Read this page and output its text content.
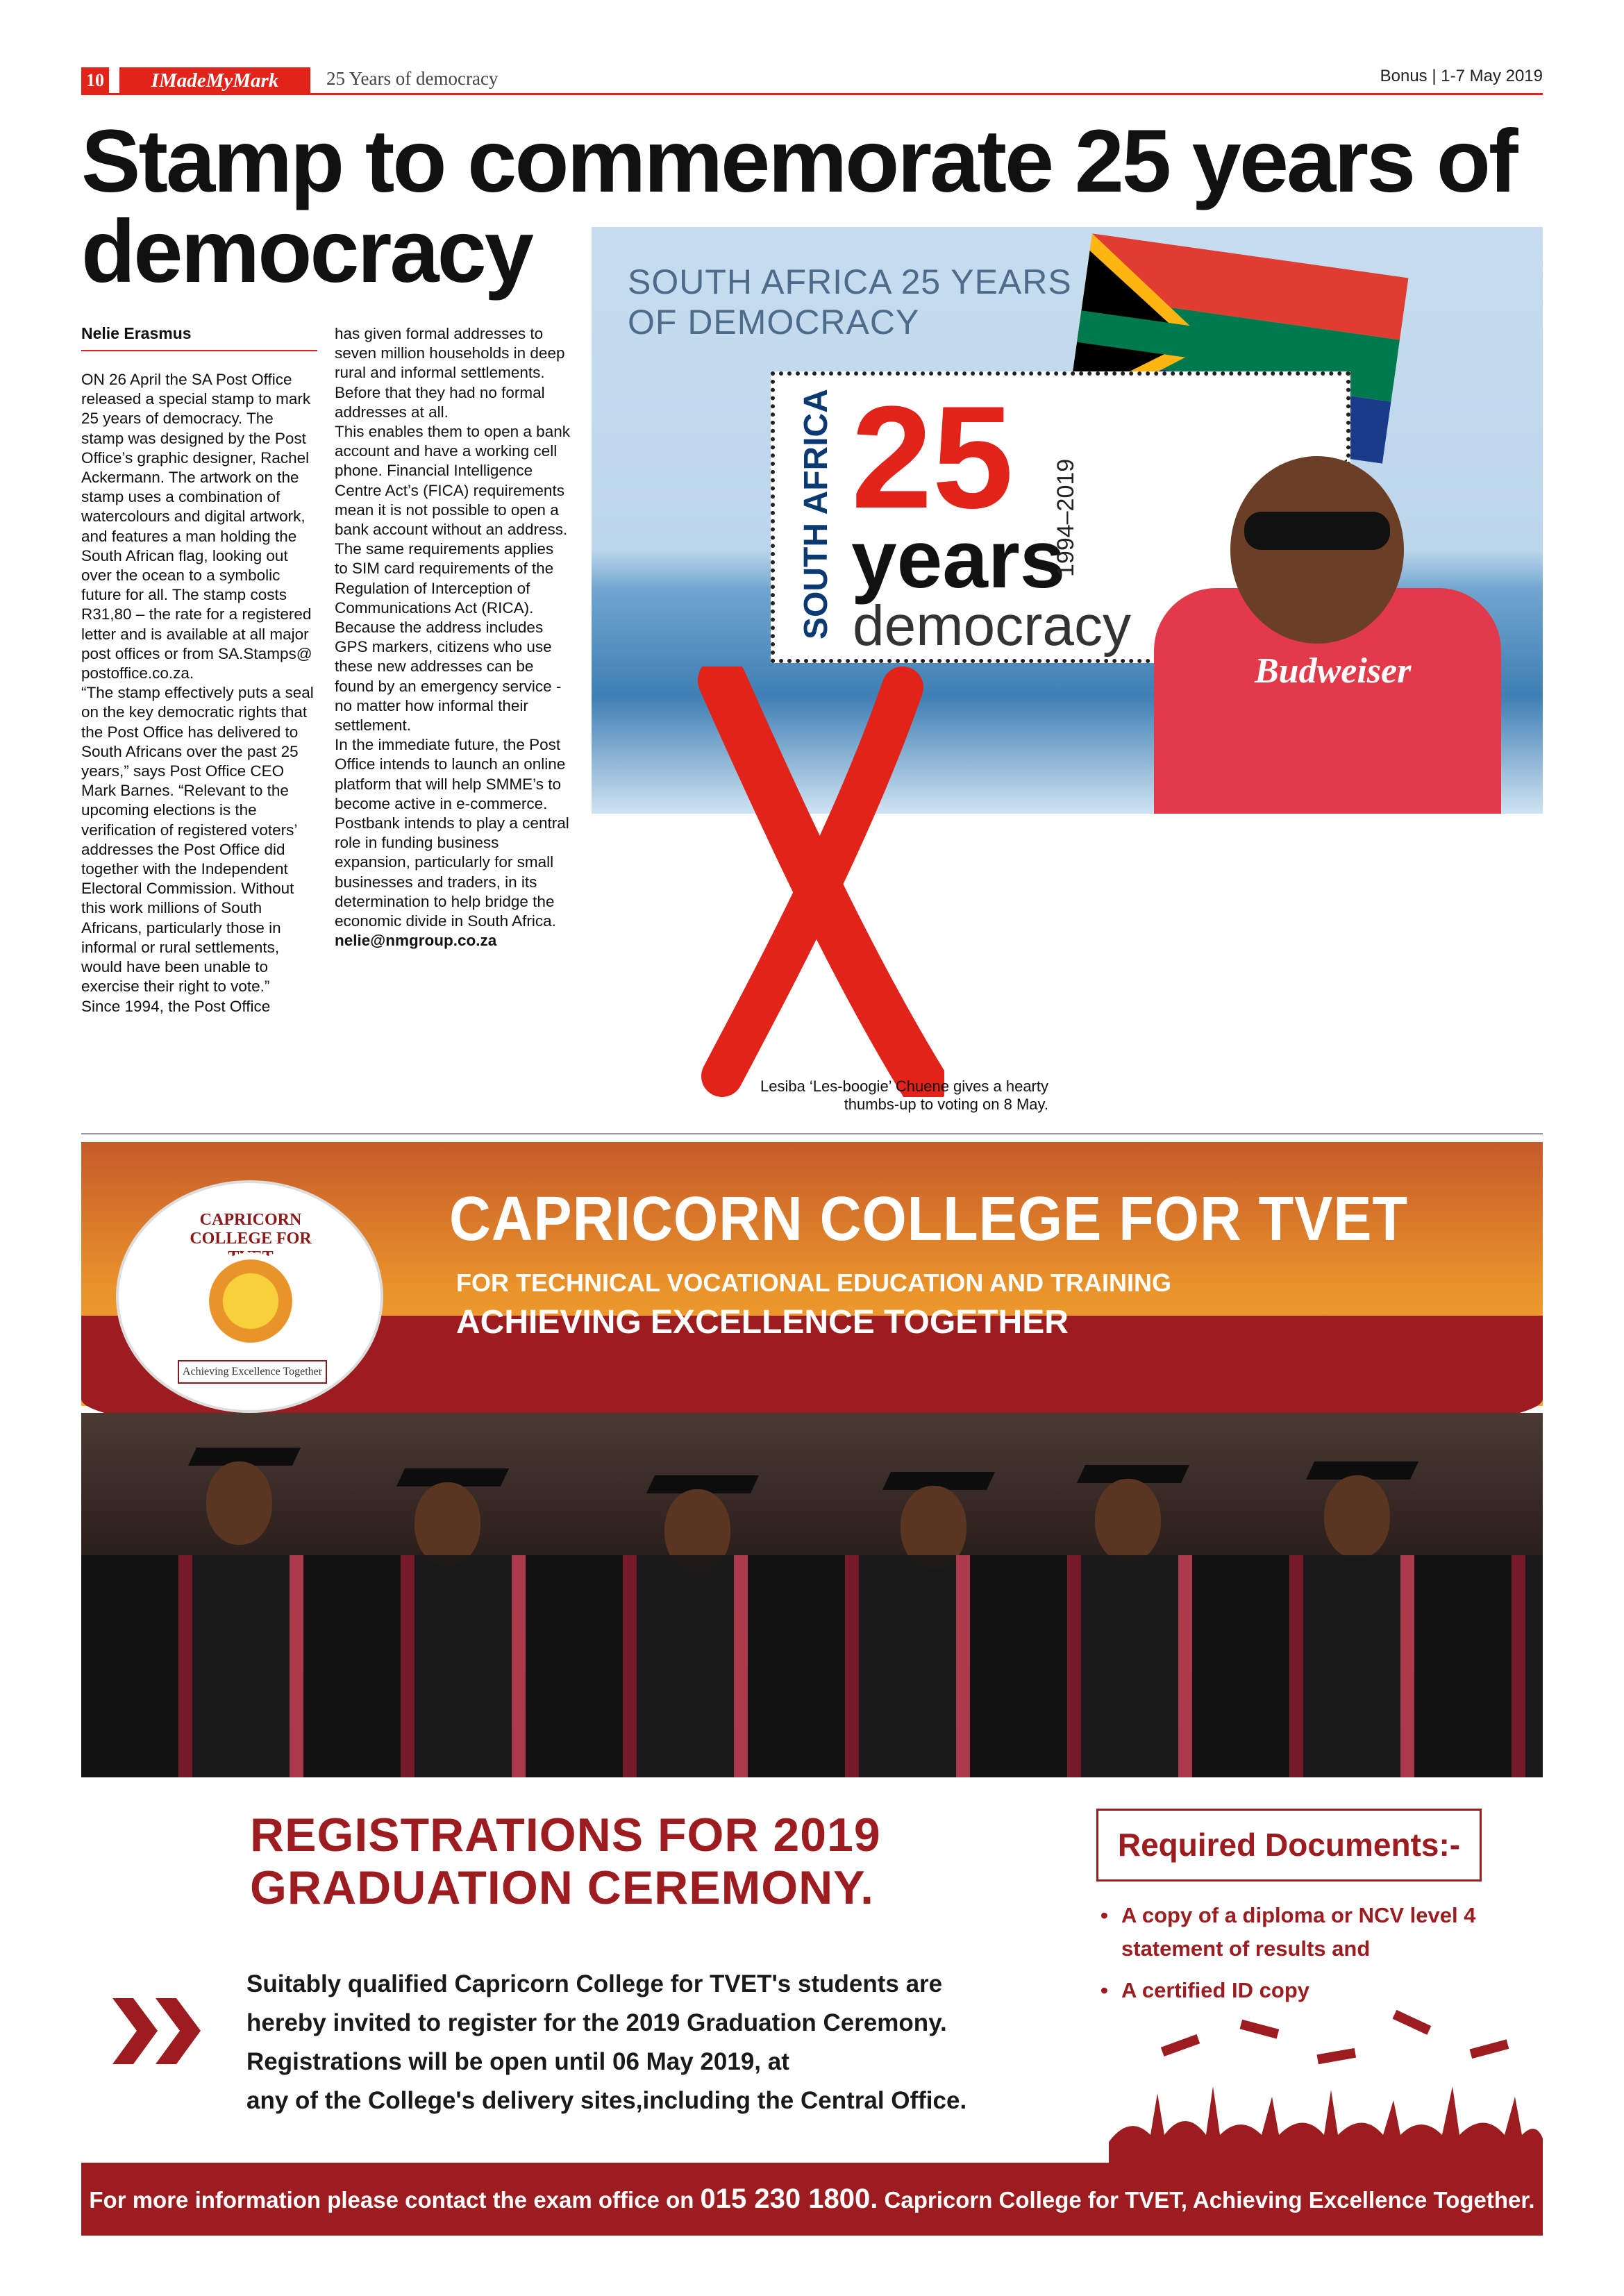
10	IMadeMyMark	25 Years of democracy	Bonus | 1-7 May 2019
Stamp to commemorate 25 years of democracy
Nelie Erasmus

ON 26 April the SA Post Office released a special stamp to mark 25 years of democracy. The stamp was designed by the Post Office’s graphic designer, Rachel Ackermann. The artwork on the stamp uses a combination of watercolours and digital artwork, and features a man holding the South African flag, looking out over the ocean to a symbolic future for all. The stamp costs R31,80 – the rate for a registered letter and is available at all major post offices or from SA.Stamps@ postoffice.co.za.

“The stamp effectively puts a seal on the key democratic rights that the Post Office has delivered to South Africans over the past 25 years,” says Post Office CEO Mark Barnes. “Relevant to the upcoming elections is the verification of registered voters’ addresses the Post Office did together with the Independent Electoral Commission. Without this work millions of South Africans, particularly those in informal or rural settlements, would have been unable to exercise their right to vote.”

Since 1994, the Post Office

has given formal addresses to seven million households in deep rural and informal settlements. Before that they had no formal addresses at all.

This enables them to open a bank account and have a working cell phone. Financial Intelligence Centre Act’s (FICA) requirements mean it is not possible to open a bank account without an address. The same requirements applies to SIM card requirements of the Regulation of Interception of Communications Act (RICA). Because the address includes GPS markers, citizens who use these new addresses can be found by an emergency service - no matter how informal their settlement.

In the immediate future, the Post Office intends to launch an online platform that will help SMME’s to become active in e-commerce. Postbank intends to play a central role in funding business expansion, particularly for small businesses and traders, in its determination to help bridge the economic divide in South Africa.

nelie@nmgroup.co.za

SOUTH AFRICA 25 YEARS
OF DEMOCRACY
SOUTH AFRICA 25
years
democracy
1994–2019
Budweiser
Lesiba ‘Les-boogie’ Chuene gives a hearty thumbs-up to voting on 8 May.
CAPRICORN COLLEGE FOR
Achieving Excellence Together
CAPRICORN COLLEGE FOR TVET
FOR TECHNICAL VOCATIONAL EDUCATION AND TRAINING
ACHIEVING EXCELLENCE TOGETHER
REGISTRATIONS FOR 2019
GRADUATION CEREMONY.
Suitably qualified Capricorn College for TVET's students are
hereby invited to register for the 2019 Graduation Ceremony.
Registrations will be open until 06 May 2019, at
any of the College's delivery sites,including the Central Office.
Required Documents:-
• A copy of a diploma or NCV level 4 statement of results and
• A certified ID copy
For more information please contact the exam office on 015 230 1800. Capricorn College for TVET, Achieving Excellence Together.
